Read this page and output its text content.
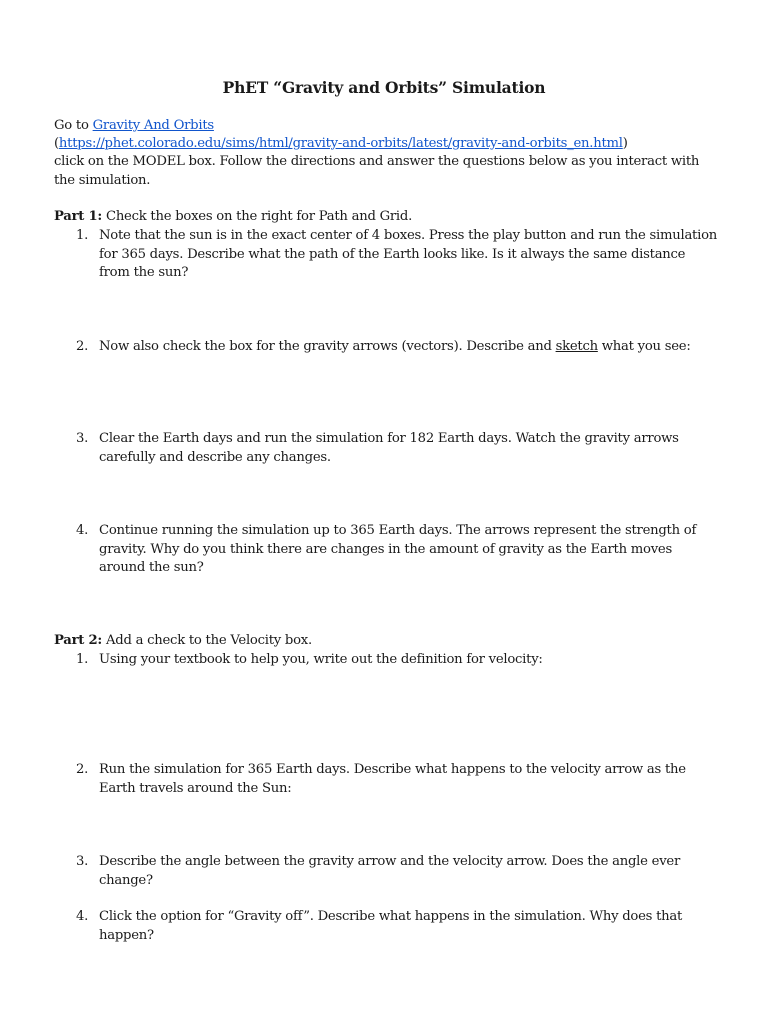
PhET “Gravity and Orbits” Simulation
Go to Gravity And Orbits
(https://phet.colorado.edu/sims/html/gravity-and-orbits/latest/gravity-and-orbits_en.html)
click on the MODEL box. Follow the directions and answer the questions below as you interact with the simulation.
Part 1: Check the boxes on the right for Path and Grid.
1. Note that the sun is in the exact center of 4 boxes. Press the play button and run the simulation for 365 days. Describe what the path of the Earth looks like. Is it always the same distance from the sun?
2. Now also check the box for the gravity arrows (vectors). Describe and sketch what you see:
3. Clear the Earth days and run the simulation for 182 Earth days. Watch the gravity arrows carefully and describe any changes.
4. Continue running the simulation up to 365 Earth days. The arrows represent the strength of gravity. Why do you think there are changes in the amount of gravity as the Earth moves around the sun?
Part 2: Add a check to the Velocity box.
1. Using your textbook to help you, write out the definition for velocity:
2. Run the simulation for 365 Earth days. Describe what happens to the velocity arrow as the Earth travels around the Sun:
3. Describe the angle between the gravity arrow and the velocity arrow. Does the angle ever change?
4. Click the option for “Gravity off”. Describe what happens in the simulation. Why does that happen?
